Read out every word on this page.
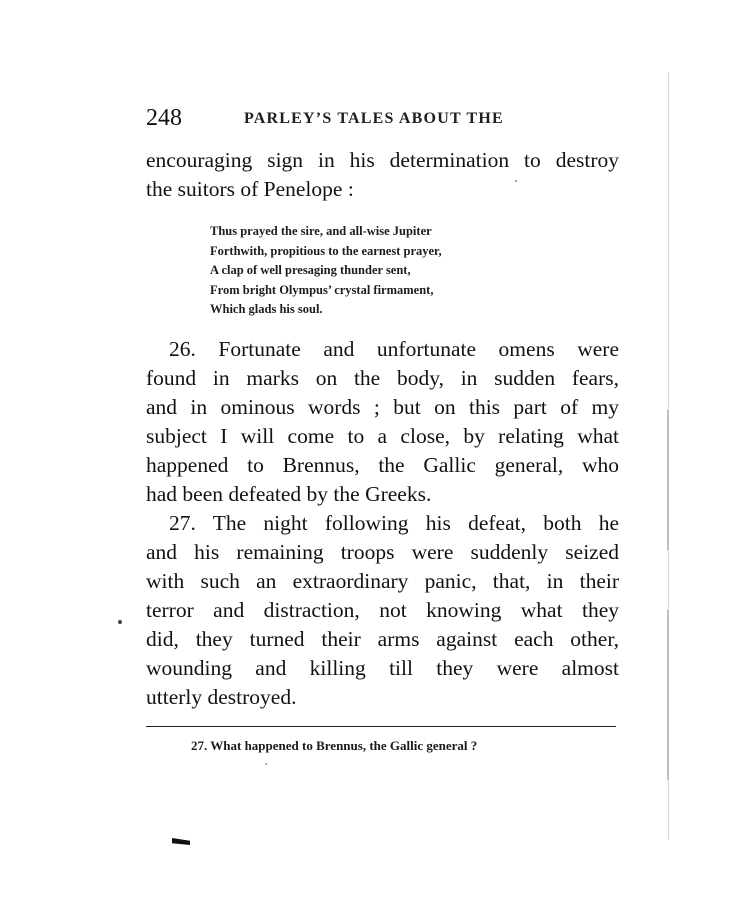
248	PARLEY’S TALES ABOUT THE
encouraging sign in his determination to destroy
the suitors of Penelope :
Thus prayed the sire, and all-wise Jupiter
Forthwith, propitious to the earnest prayer,
A clap of well presaging thunder sent,
From bright Olympus’ crystal firmament,
Which glads his soul.
26. Fortunate and unfortunate omens were
found in marks on the body, in sudden fears,
and in ominous words ; but on this part of my
subject I will come to a close, by relating what
happened to Brennus, the Gallic general, who
had been defeated by the Greeks.
27. The night following his defeat, both he
and his remaining troops were suddenly seized
with such an extraordinary panic, that, in their
terror and distraction, not knowing what they
did, they turned their arms against each other,
wounding and killing till they were almost
utterly destroyed.
27. What happened to Brennus, the Gallic general ?
